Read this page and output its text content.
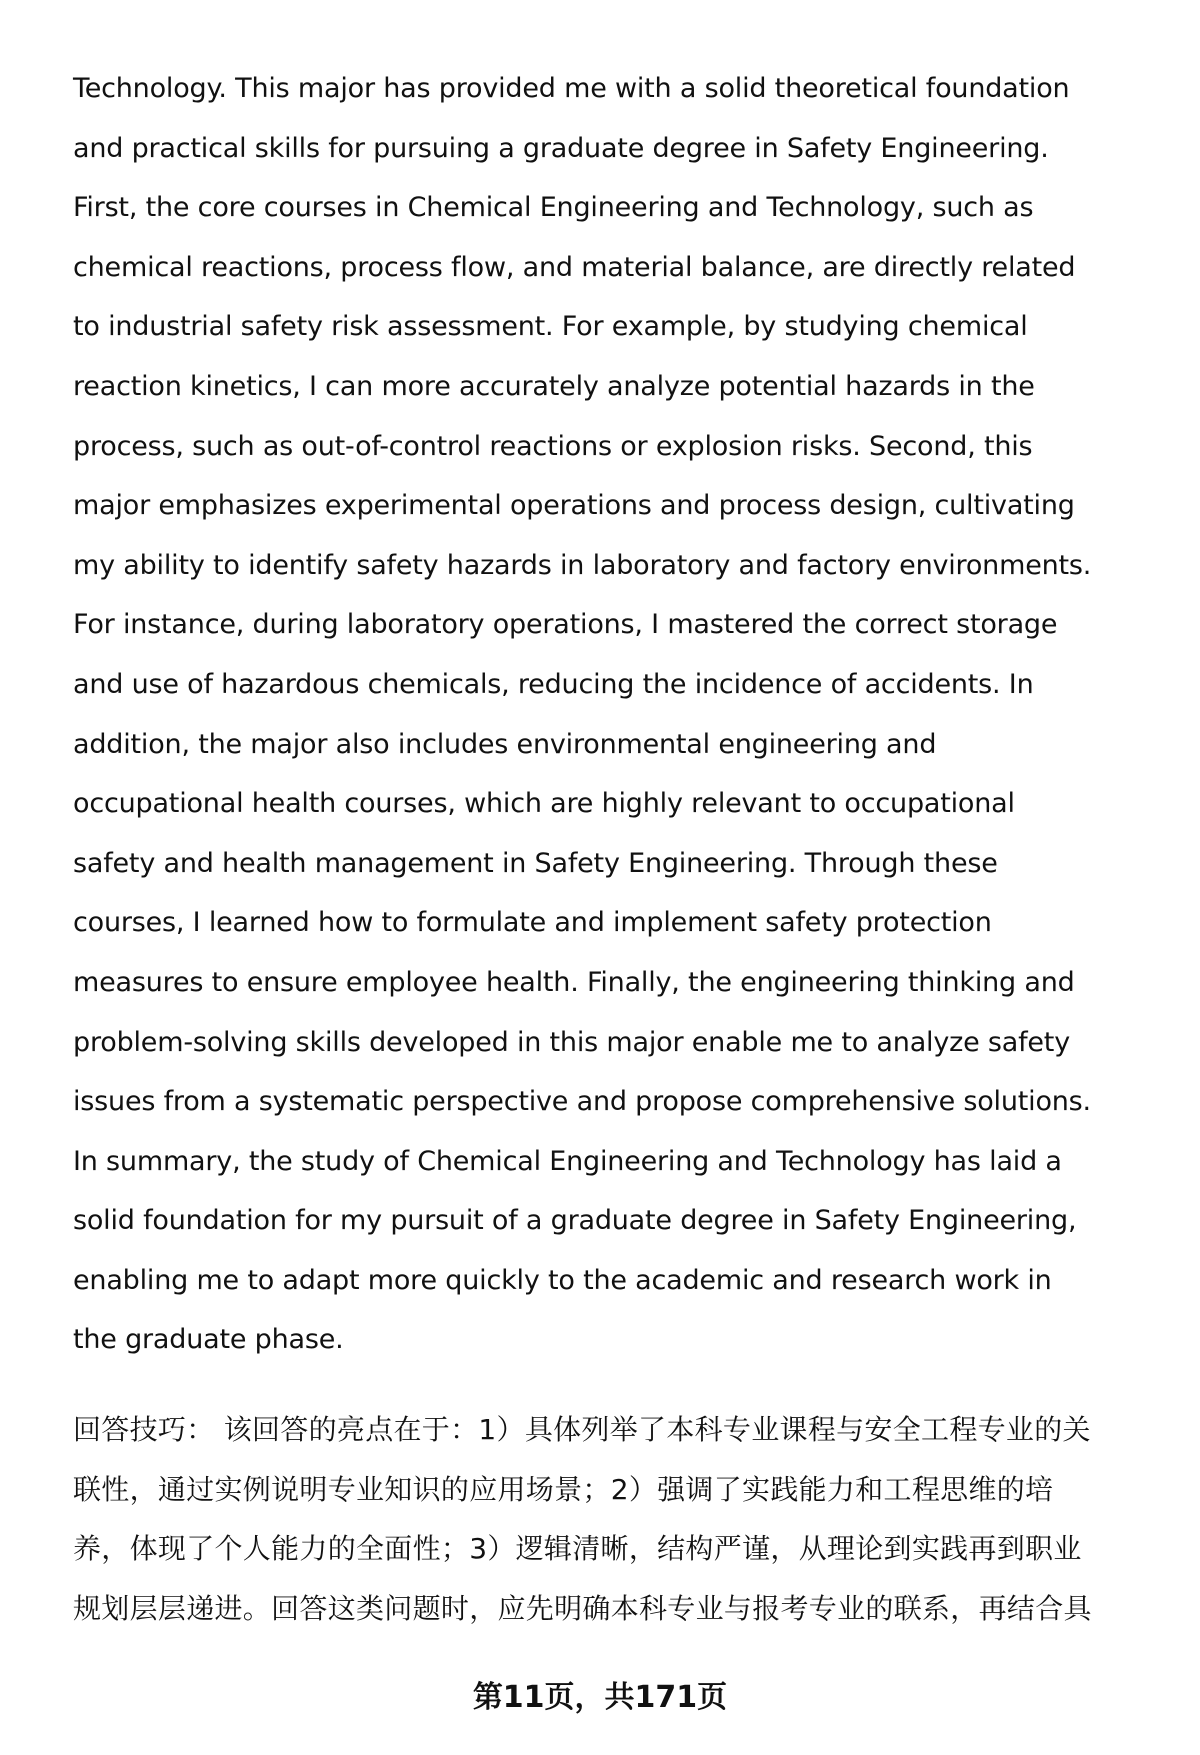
Technology. This major has provided me with a solid theoretical foundation
and practical skills for pursuing a graduate degree in Safety Engineering.
First, the core courses in Chemical Engineering and Technology, such as
chemical reactions, process flow, and material balance, are directly related
to industrial safety risk assessment. For example, by studying chemical
reaction kinetics, I can more accurately analyze potential hazards in the
process, such as out-of-control reactions or explosion risks. Second, this
major emphasizes experimental operations and process design, cultivating
my ability to identify safety hazards in laboratory and factory environments.
For instance, during laboratory operations, I mastered the correct storage
and use of hazardous chemicals, reducing the incidence of accidents. In
addition, the major also includes environmental engineering and
occupational health courses, which are highly relevant to occupational
safety and health management in Safety Engineering. Through these
courses, I learned how to formulate and implement safety protection
measures to ensure employee health. Finally, the engineering thinking and
problem-solving skills developed in this major enable me to analyze safety
issues from a systematic perspective and propose comprehensive solutions.
In summary, the study of Chemical Engineering and Technology has laid a
solid foundation for my pursuit of a graduate degree in Safety Engineering,
enabling me to adapt more quickly to the academic and research work in
the graduate phase.
回答技巧： 该回答的亮点在于：1）具体列举了本科专业课程与安全工程专业的关
联性，通过实例说明专业知识的应用场景；2）强调了实践能力和工程思维的培
养，体现了个人能力的全面性；3）逻辑清晰，结构严谨，从理论到实践再到职业
规划层层递进。回答这类问题时，应先明确本科专业与报考专业的联系，再结合具
第11页，共171页
